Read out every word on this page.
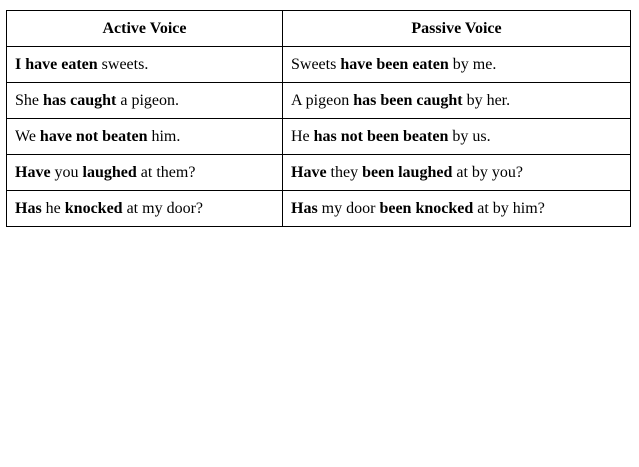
Active Voice	Passive Voice
I have eaten sweets.	Sweets have been eaten by me.
She has caught a pigeon.	A pigeon has been caught by her.
We have not beaten him.	He has not been beaten by us.
Have you laughed at them?	Have they been laughed at by you?
Has he knocked at my door?	Has my door been knocked at by him?
